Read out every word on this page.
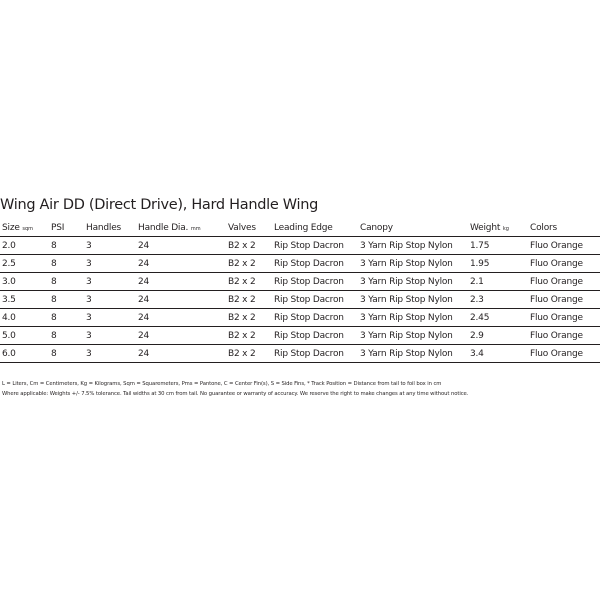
Wing Air DD (Direct Drive), Hard Handle Wing
Size sqm	PSI	Handles	Handle Dia. mm	Valves	Leading Edge	Canopy	Weight kg	Colors
2.0	8	3	24	B2 x 2	Rip Stop Dacron	3 Yarn Rip Stop Nylon	1.75	Fluo Orange
2.5	8	3	24	B2 x 2	Rip Stop Dacron	3 Yarn Rip Stop Nylon	1.95	Fluo Orange
3.0	8	3	24	B2 x 2	Rip Stop Dacron	3 Yarn Rip Stop Nylon	2.1	Fluo Orange
3.5	8	3	24	B2 x 2	Rip Stop Dacron	3 Yarn Rip Stop Nylon	2.3	Fluo Orange
4.0	8	3	24	B2 x 2	Rip Stop Dacron	3 Yarn Rip Stop Nylon	2.45	Fluo Orange
5.0	8	3	24	B2 x 2	Rip Stop Dacron	3 Yarn Rip Stop Nylon	2.9	Fluo Orange
6.0	8	3	24	B2 x 2	Rip Stop Dacron	3 Yarn Rip Stop Nylon	3.4	Fluo Orange
L = Liters, Cm = Centimeters, Kg = Kilograms, Sqm = Squaremeters, Pms = Pantone, C = Center Fin(s), S = Side Fins, * Track Position = Distance from tail to foil box in cm
Where applicable: Weights +/- 7.5% tolerance. Tail widths at 30 cm from tail. No guarantee or warranty of accuracy. We reserve the right to make changes at any time without notice.
